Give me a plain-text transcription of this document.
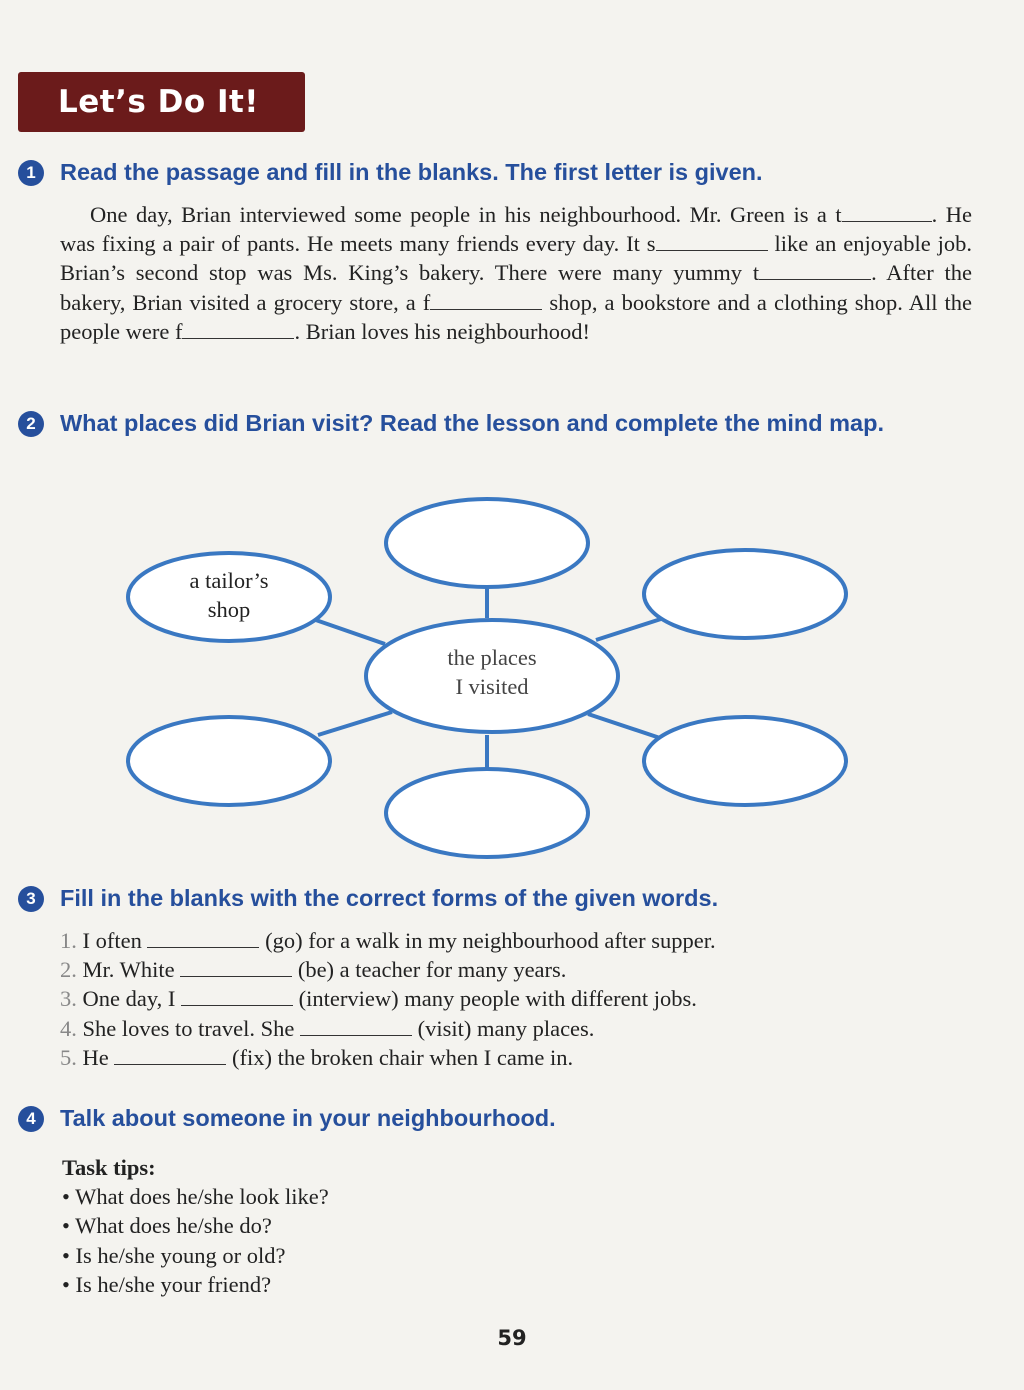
Let’s Do It!
1	Read the passage and fill in the blanks. The first letter is given.
One day, Brian interviewed some people in his neighbourhood. Mr. Green is a t	. He was fixing a pair of pants. He meets many friends every day. It s	like an enjoyable job. Brian’s second stop was Ms. King’s bakery. There were many yummy t	. After the bakery, Brian visited a grocery store, a f	shop, a bookstore and a clothing shop. All the people were f	. Brian loves his neighbourhood!
2	What places did Brian visit? Read the lesson and complete the mind map.
a tailor’s
shop
the places
I visited
3	Fill in the blanks with the correct forms of the given words.
1. I often	(go) for a walk in my neighbourhood after supper.
2. Mr. White	(be) a teacher for many years.
3. One day, I	(interview) many people with different jobs.
4. She loves to travel. She	(visit) many places.
5. He	(fix) the broken chair when I came in.
4	Talk about someone in your neighbourhood.
Task tips:
• What does he/she look like?
• What does he/she do?
• Is he/she young or old?
• Is he/she your friend?
59
